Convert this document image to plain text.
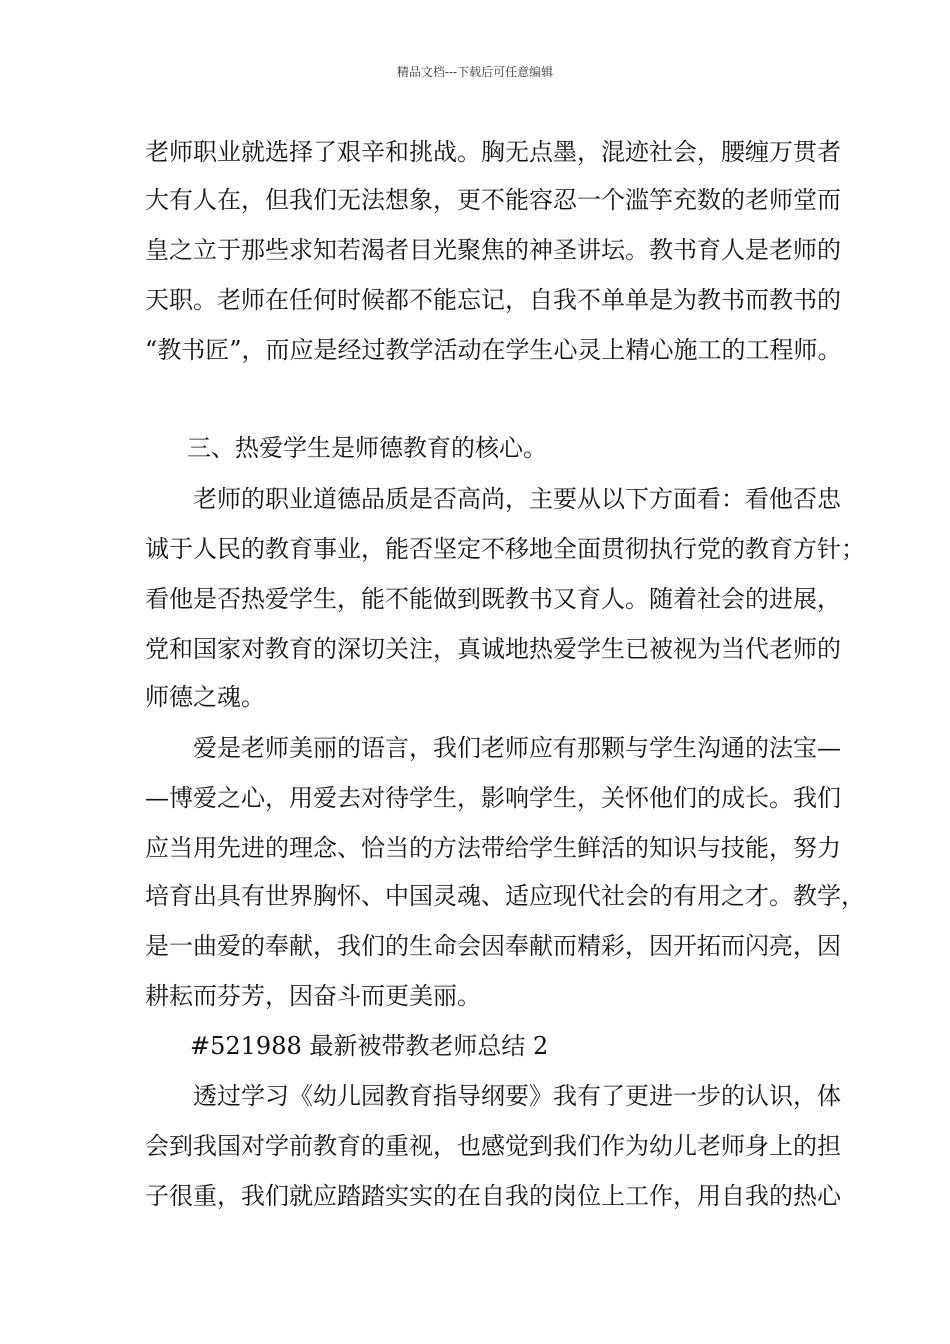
精品文档---下载后可任意编辑
老师职业就选择了艰辛和挑战。胸无点墨，混迹社会，腰缠万贯者
大有人在，但我们无法想象，更不能容忍一个滥竽充数的老师堂而
皇之立于那些求知若渴者目光聚焦的神圣讲坛。教书育人是老师的
天职。老师在任何时候都不能忘记，自我不单单是为教书而教书的
“教书匠”，而应是经过教学活动在学生心灵上精心施工的工程师。
三、热爱学生是师德教育的核心。
老师的职业道德品质是否高尚，主要从以下方面看：看他否忠
诚于人民的教育事业，能否坚定不移地全面贯彻执行党的教育方针；
看他是否热爱学生，能不能做到既教书又育人。随着社会的进展，
党和国家对教育的深切关注，真诚地热爱学生已被视为当代老师的
师德之魂。
爱是老师美丽的语言，我们老师应有那颗与学生沟通的法宝—
—博爱之心，用爱去对待学生，影响学生，关怀他们的成长。我们
应当用先进的理念、恰当的方法带给学生鲜活的知识与技能，努力
培育出具有世界胸怀、中国灵魂、适应现代社会的有用之才。教学，
是一曲爱的奉献，我们的生命会因奉献而精彩，因开拓而闪亮，因
耕耘而芬芳，因奋斗而更美丽。
#521988 最新被带教老师总结 2
透过学习《幼儿园教育指导纲要》我有了更进一步的认识，体
会到我国对学前教育的重视，也感觉到我们作为幼儿老师身上的担
子很重，我们就应踏踏实实的在自我的岗位上工作，用自我的热心
